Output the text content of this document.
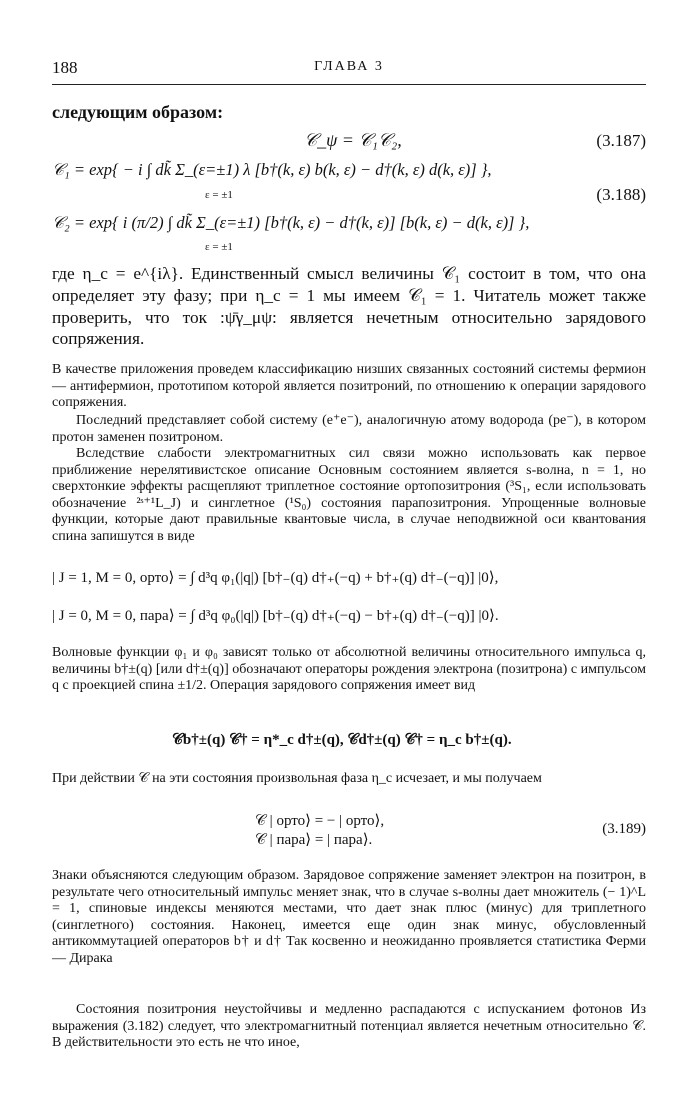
188	ГЛАВА 3
следующим образом:
𝒞_ψ = 𝒞₁𝒞₂,	(3.187)
𝒞₁ = exp{ − i ∫ dk̃ Σ_(ε=±1) λ [b†(k, ε) b(k, ε) − d†(k, ε) d(k, ε)] },
ε = ±1
𝒞₂ = exp{ i (π/2) ∫ dk̃ Σ_(ε=±1) [b†(k, ε) − d†(k, ε)] [b(k, ε) − d(k, ε)] },
ε = ±1
(3.188)
где η_c = e^{iλ}. Единственный смысл величины 𝒞₁ состоит в том, что она определяет эту фазу; при η_c = 1 мы имеем 𝒞₁ = 1. Читатель может также проверить, что ток :ψ̄γ_μψ: является нечетным относительно зарядового сопряжения.
В качестве приложения проведем классификацию низших связанных состояний системы фермион — антифермион, прототипом которой является позитроний, по отношению к операции зарядового сопряжения.
Последний представляет собой систему (e⁺e⁻), аналогичную атому водорода (pe⁻), в котором протон заменен позитроном.
Вследствие слабости электромагнитных сил связи можно использовать как первое приближение нерелятивистское описание Основным состоянием является s-волна, n = 1, но сверхтонкие эффекты расщепляют триплетное состояние ортопозитрония (³S₁, если использовать обозначение ²ˢ⁺¹L_J) и синглетное (¹S₀) состояния парапозитрония. Упрощенные волновые функции, которые дают правильные квантовые числа, в случае неподвижной оси квантования спина запишутся в виде
| J = 1, M = 0, орто⟩ = ∫ d³q φ₁(|q|) [b†₋(q) d†₊(−q) + b†₊(q) d†₋(−q)] |0⟩,
| J = 0, M = 0, пара⟩ = ∫ d³q φ₀(|q|) [b†₋(q) d†₊(−q) − b†₊(q) d†₋(−q)] |0⟩.
Волновые функции φ₁ и φ₀ зависят только от абсолютной величины относительного импульса q, величины b†±(q) [или d†±(q)] обозначают операторы рождения электрона (позитрона) с импульсом q с проекцией спина ±1/2. Операция зарядового сопряжения имеет вид
𝒞b†±(q) 𝒞† = η*_c d†±(q), 𝒞d†±(q) 𝒞† = η_c b†±(q).
При действии 𝒞 на эти состояния произвольная фаза η_c исчезает, и мы получаем
𝒞 | орто⟩ = − | орто⟩,
𝒞 | пара⟩ = | пара⟩.
(3.189)
Знаки объясняются следующим образом. Зарядовое сопряжение заменяет электрон на позитрон, в результате чего относительный импульс меняет знак, что в случае s-волны дает множитель (− 1)^L = 1, спиновые индексы меняются местами, что дает знак плюс (минус) для триплетного (синглетного) состояния. Наконец, имеется еще один знак минус, обусловленный антикоммутацией операторов b† и d† Так косвенно и неожиданно проявляется статистика Ферми — Дирака
Состояния позитрония неустойчивы и медленно распадаются с испусканием фотонов Из выражения (3.182) следует, что электромагнитный потенциал является нечетным относительно 𝒞. В действительности это есть не что иное,
